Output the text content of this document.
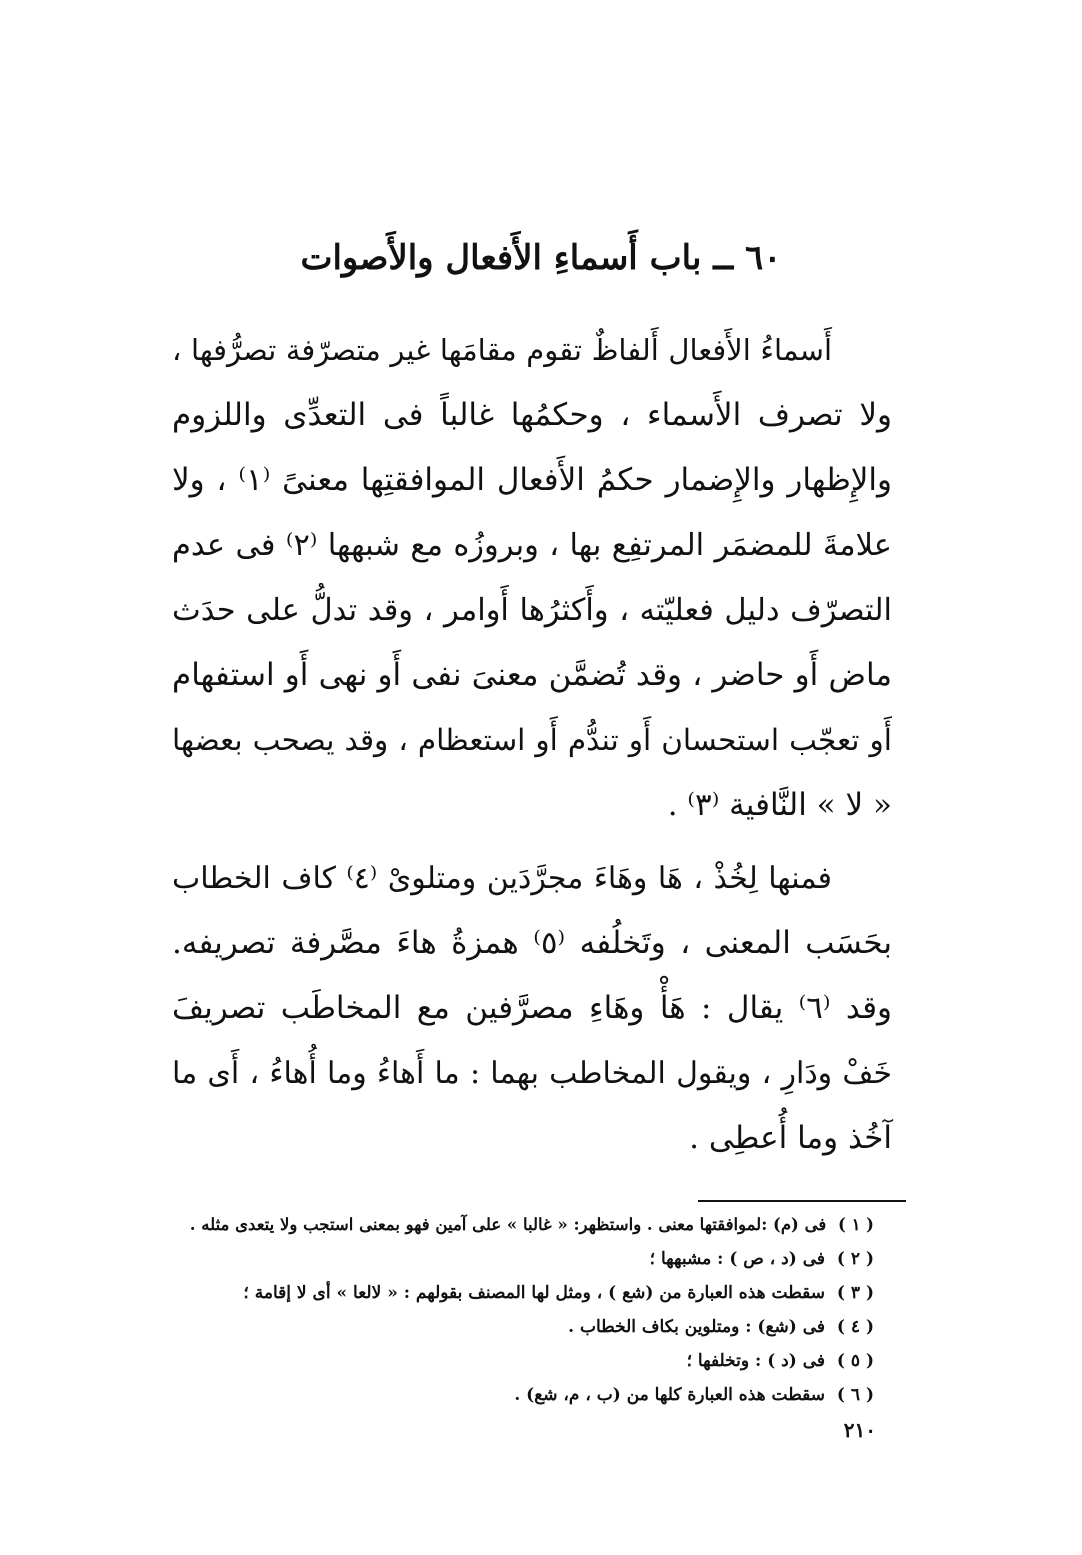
٦٠ ــ باب أَسماءِ الأَفعال والأَصوات
أَسماءُ الأَفعال أَلفاظٌ تقوم مقامَها غير متصرّفة تصرُّفها ،
ولا تصرف الأَسماء ، وحكمُها غالباً فى التعدِّى واللزوم
والإِظهار والإِضمار حكمُ الأَفعال الموافقتِها معنىً ⁽١⁾ ، ولا
علامةَ للمضمَر المرتفِع بها ، وبروزُه مع شبهها ⁽٢⁾ فى عدم
التصرّف دليل فعليّته ، وأَكثرُها أَوامر ، وقد تدلُّ على حدَث
ماض أَو حاضر ، وقد تُضمَّن معنىَ نفى أَو نهى أَو استفهام
أَو تعجّب استحسان أَو تندُّم أَو استعظام ، وقد يصحب بعضها
« لا » النَّافية ⁽٣⁾ .
فمنها لِخُذْ ، هَا وهَاءَ مجرَّدَين ومتلوىْ ⁽٤⁾ كاف الخطاب
بحَسَب المعنى ، وتَخلُفه ⁽٥⁾ همزةُ هاءَ مصَّرفة تصريفه.
وقد ⁽٦⁾ يقال : هَأْ وهَاءِ مصرَّفين مع المخاطَب تصريفَ
خَفْ ودَارِ ، ويقول المخاطب بهما : ما أَهاءُ وما أُهاءُ ، أَى ما
آخُذ وما أُعطِى .
( ١ ) فى (م) :لموافقتها معنى . واستظهر: « غالبا » على آمين فهو بمعنى استجب ولا يتعدى مثله .
( ٢ ) فى (د ، ص ) : مشبهها ؛
( ٣ ) سقطت هذه العبارة من (شع ) ، ومثل لها المصنف بقولهم : « لالعا » أى لا إقامة ؛
( ٤ ) فى (شع) : ومتلوين بكاف الخطاب .
( ٥ ) فى (د ) : وتخلفها ؛
( ٦ ) سقطت هذه العبارة كلها من (ب ، م، شع) .
٢١٠
